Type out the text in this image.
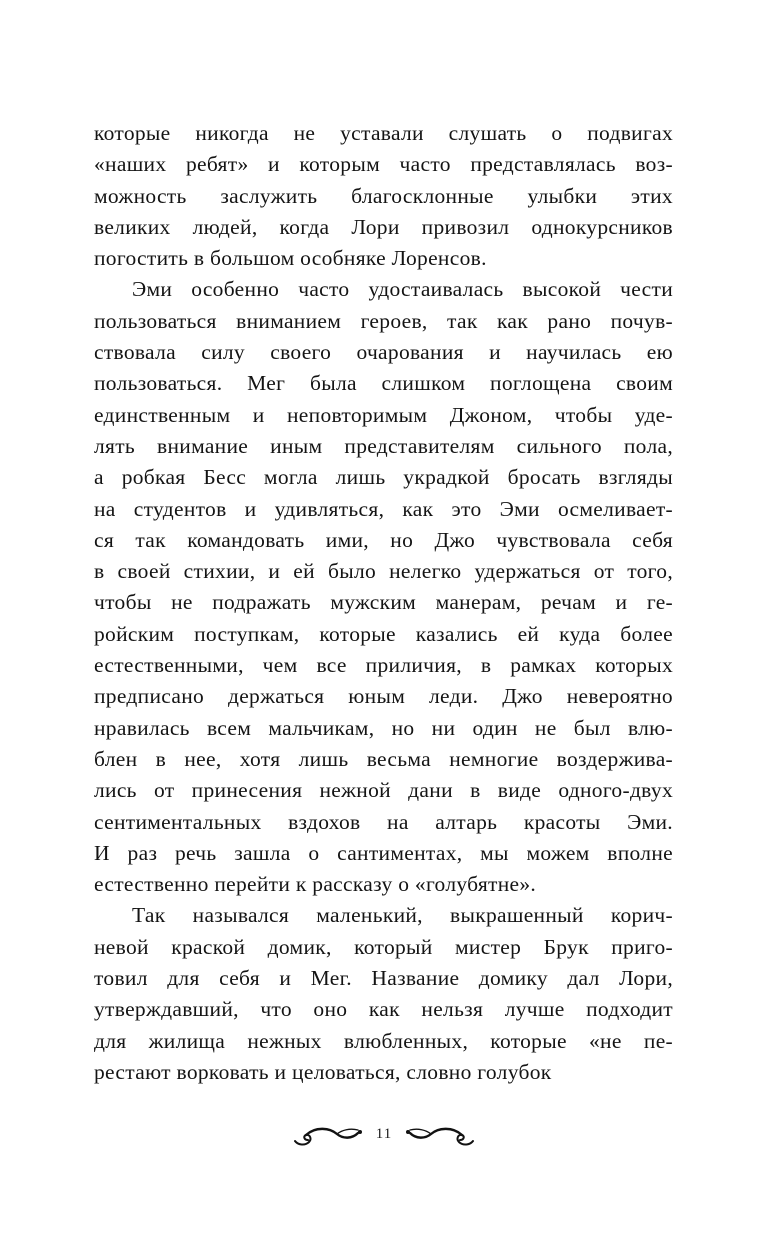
которые никогда не уставали слушать о подвигах
«наших ребят» и которым часто представлялась воз-
можность заслужить благосклонные улыбки этих
великих людей, когда Лори привозил однокурсников
погостить в большом особняке Лоренсов.
Эми особенно часто удостаивалась высокой чести
пользоваться вниманием героев, так как рано почув-
ствовала силу своего очарования и научилась ею
пользоваться. Мег была слишком поглощена своим
единственным и неповторимым Джоном, чтобы уде-
лять внимание иным представителям сильного пола,
а робкая Бесс могла лишь украдкой бросать взгляды
на студентов и удивляться, как это Эми осмеливает-
ся так командовать ими, но Джо чувствовала себя
в своей стихии, и ей было нелегко удержаться от того,
чтобы не подражать мужским манерам, речам и ге-
ройским поступкам, которые казались ей куда более
естественными, чем все приличия, в рамках которых
предписано держаться юным леди. Джо невероятно
нравилась всем мальчикам, но ни один не был влю-
блен в нее, хотя лишь весьма немногие воздержива-
лись от принесения нежной дани в виде одного-двух
сентиментальных вздохов на алтарь красоты Эми.
И раз речь зашла о сантиментах, мы можем вполне
естественно перейти к рассказу о «голубятне».
Так назывался маленький, выкрашенный корич-
невой краской домик, который мистер Брук приго-
товил для себя и Мег. Название домику дал Лори,
утверждавший, что оно как нельзя лучше подходит
для жилища нежных влюбленных, которые «не пе-
рестают ворковать и целоваться, словно голубок
11
